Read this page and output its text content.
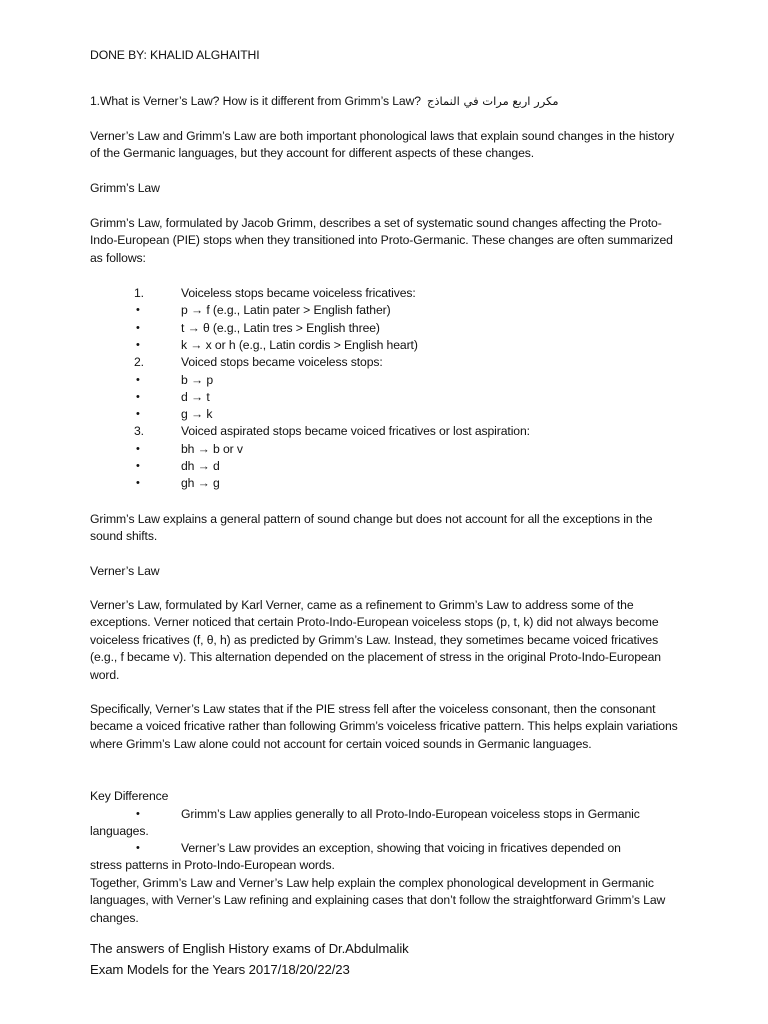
DONE BY: KHALID ALGHAITHI

1.What is Verner’s Law? How is it different from Grimm’s Law? مكرر اربع مرات في النماذج

Verner’s Law and Grimm’s Law are both important phonological laws that explain sound changes in the history of the Germanic languages, but they account for different aspects of these changes.

Grimm’s Law

Grimm’s Law, formulated by Jacob Grimm, describes a set of systematic sound changes affecting the Proto-Indo-European (PIE) stops when they transitioned into Proto-Germanic. These changes are often summarized as follows:

1.	Voiceless stops became voiceless fricatives:
•	p → f (e.g., Latin pater > English father)
•	t → θ (e.g., Latin tres > English three)
•	k → x or h (e.g., Latin cordis > English heart)
2.	Voiced stops became voiceless stops:
•	b → p
•	d → t
•	g → k
3.	Voiced aspirated stops became voiced fricatives or lost aspiration:
•	bh → b or v
•	dh → d
•	gh → g

Grimm’s Law explains a general pattern of sound change but does not account for all the exceptions in the sound shifts.

Verner’s Law

Verner’s Law, formulated by Karl Verner, came as a refinement to Grimm’s Law to address some of the exceptions. Verner noticed that certain Proto-Indo-European voiceless stops (p, t, k) did not always become voiceless fricatives (f, θ, h) as predicted by Grimm’s Law. Instead, they sometimes became voiced fricatives (e.g., f became v). This alternation depended on the placement of stress in the original Proto-Indo-European word.

Specifically, Verner’s Law states that if the PIE stress fell after the voiceless consonant, then the consonant became a voiced fricative rather than following Grimm’s voiceless fricative pattern. This helps explain variations where Grimm’s Law alone could not account for certain voiced sounds in Germanic languages.

Key Difference

•	Grimm’s Law applies generally to all Proto-Indo-European voiceless stops in Germanic

languages.

•	Verner’s Law provides an exception, showing that voicing in fricatives depended on

stress patterns in Proto-Indo-European words.

Together, Grimm’s Law and Verner’s Law help explain the complex phonological development in Germanic languages, with Verner’s Law refining and explaining cases that don’t follow the straightforward Grimm’s Law changes.

The answers of English History exams of Dr.Abdulmalik

Exam Models for the Years 2017/18/20/22/23
